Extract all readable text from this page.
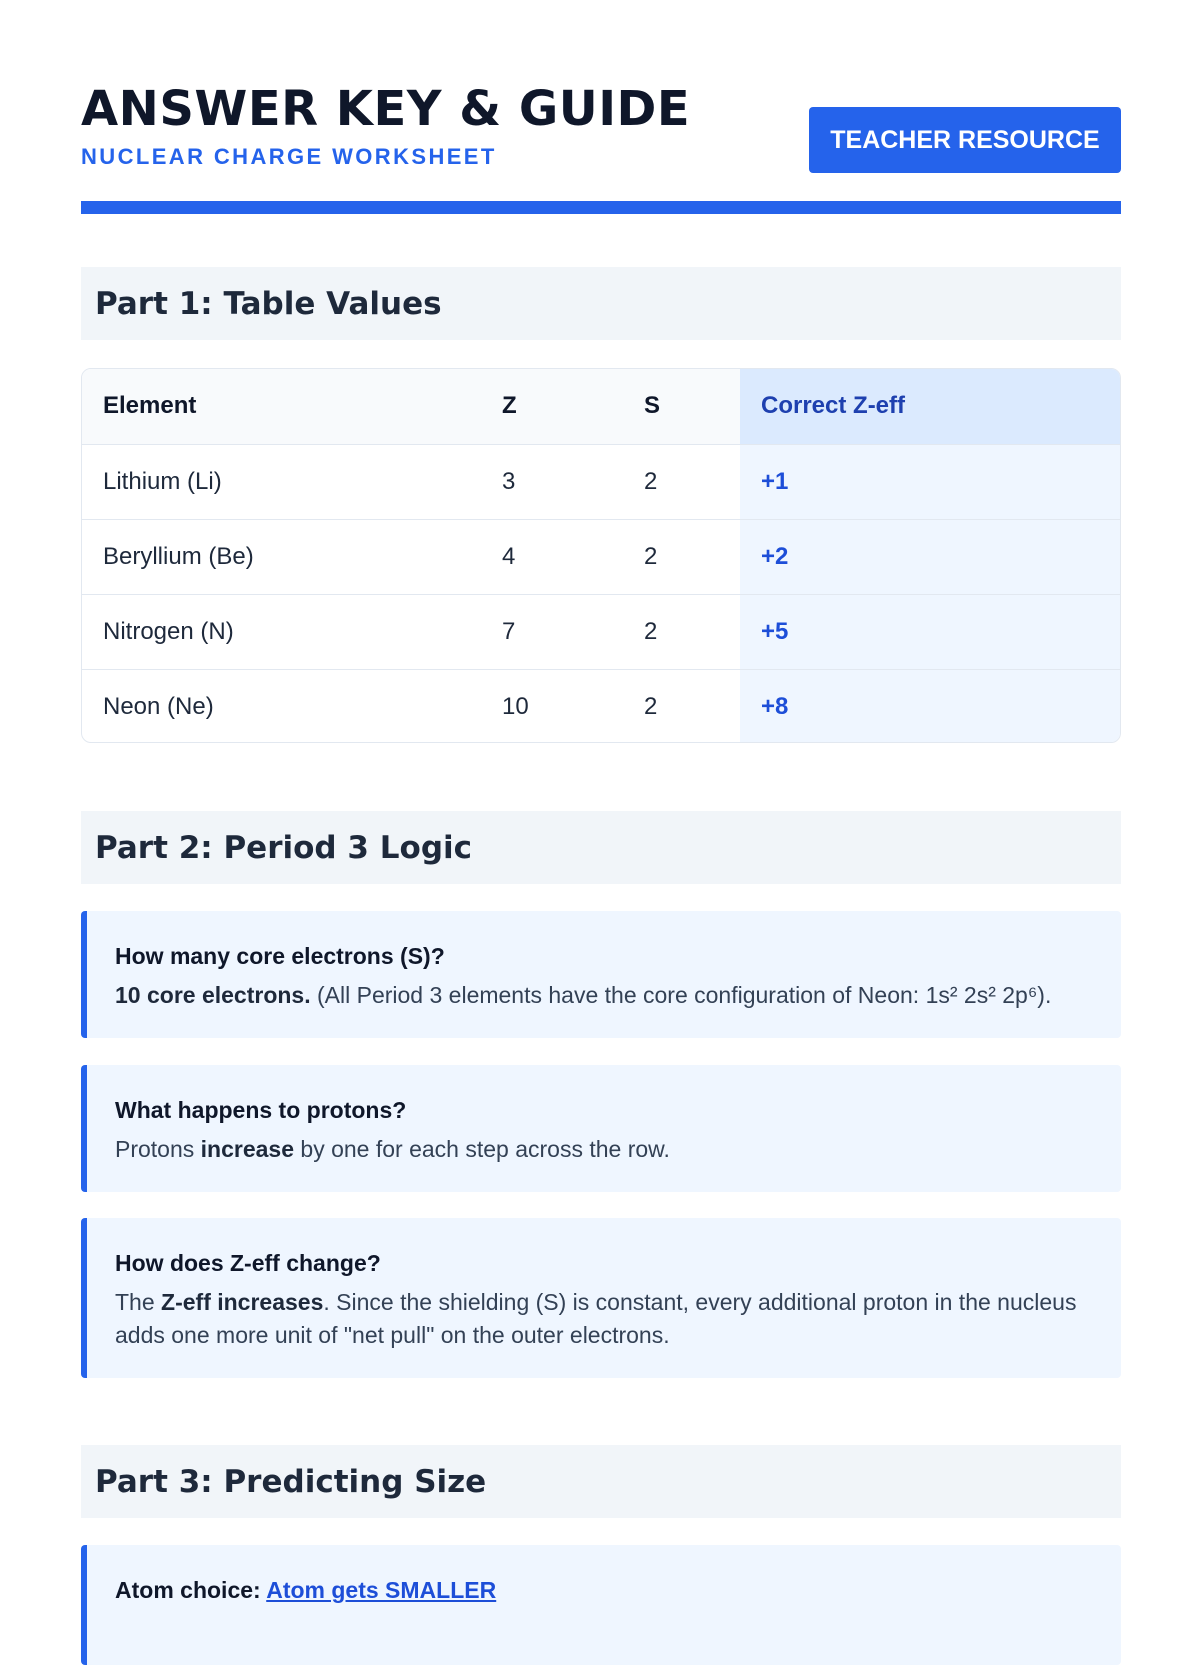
ANSWER KEY & GUIDE
NUCLEAR CHARGE WORKSHEET
TEACHER RESOURCE
Part 1: Table Values
Element	Z	S	Correct Z-eff
Lithium (Li)	3	2	+1
Beryllium (Be)	4	2	+2
Nitrogen (N)	7	2	+5
Neon (Ne)	10	2	+8
Part 2: Period 3 Logic
How many core electrons (S)?
10 core electrons. (All Period 3 elements have the core configuration of Neon: 1s² 2s² 2p⁶).
What happens to protons?
Protons increase by one for each step across the row.
How does Z-eff change?
The Z-eff increases. Since the shielding (S) is constant, every additional proton in the nucleus adds one more unit of "net pull" on the outer electrons.
Part 3: Predicting Size
Atom choice: Atom gets SMALLER
